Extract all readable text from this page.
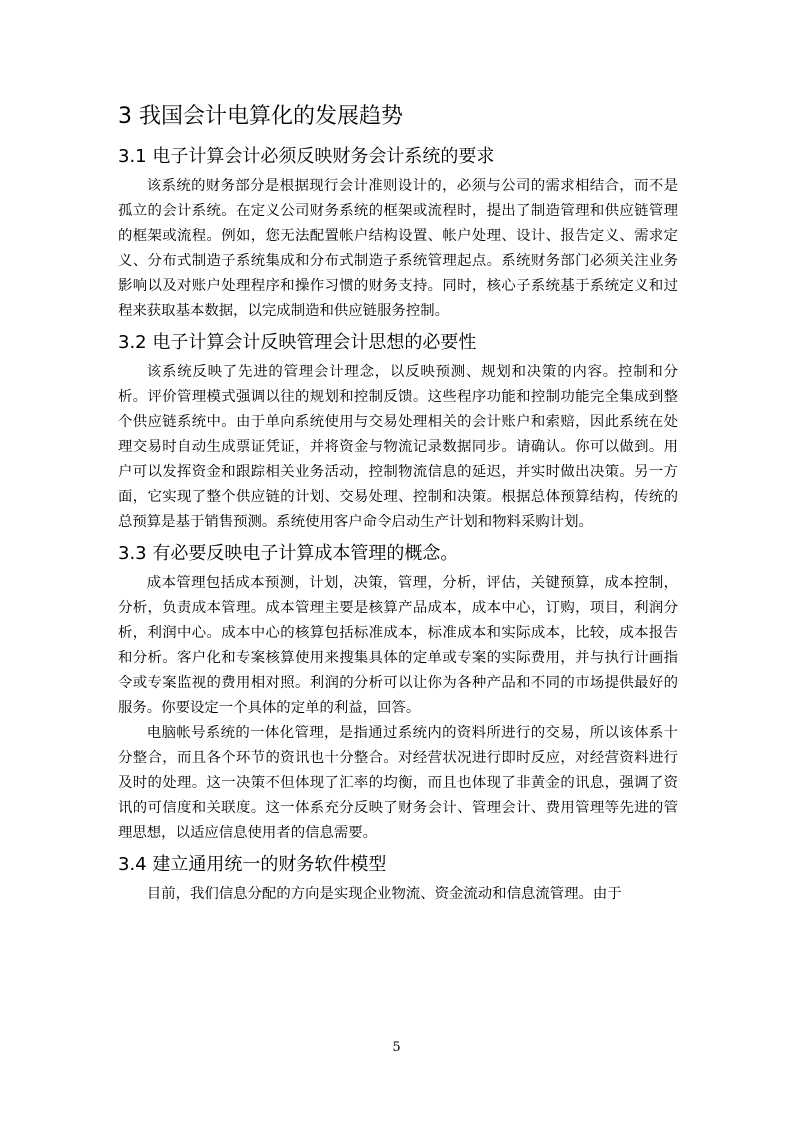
3 我国会计电算化的发展趋势
3.1 电子计算会计必须反映财务会计系统的要求

该系统的财务部分是根据现行会计准则设计的，必须与公司的需求相结合，而不是孤立的会计系统。在定义公司财务系统的框架或流程时，提出了制造管理和供应链管理的框架或流程。例如，您无法配置帐户结构设置、帐户处理、设计、报告定义、需求定义、分布式制造子系统集成和分布式制造子系统管理起点。系统财务部门必须关注业务影响以及对账户处理程序和操作习惯的财务支持。同时，核心子系统基于系统定义和过程来获取基本数据，以完成制造和供应链服务控制。

3.2 电子计算会计反映管理会计思想的必要性

该系统反映了先进的管理会计理念，以反映预测、规划和决策的内容。控制和分析。评价管理模式强调以往的规划和控制反馈。这些程序功能和控制功能完全集成到整个供应链系统中。由于单向系统使用与交易处理相关的会计账户和索赔，因此系统在处理交易时自动生成票证凭证，并将资金与物流记录数据同步。请确认。你可以做到。用户可以发挥资金和跟踪相关业务活动，控制物流信息的延迟，并实时做出决策。另一方面，它实现了整个供应链的计划、交易处理、控制和决策。根据总体预算结构，传统的总预算是基于销售预测。系统使用客户命令启动生产计划和物料采购计划。

3.3 有必要反映电子计算成本管理的概念。

成本管理包括成本预测，计划，决策，管理，分析，评估，关键预算，成本控制，分析，负责成本管理。成本管理主要是核算产品成本，成本中心，订购，项目，利润分析，利润中心。成本中心的核算包括标准成本，标准成本和实际成本，比较，成本报告和分析。客户化和专案核算使用来搜集具体的定单或专案的实际费用，并与执行计画指令或专案监视的费用相对照。利润的分析可以让你为各种产品和不同的市场提供最好的服务。你要设定一个具体的定单的利益，回答。

电脑帐号系统的一体化管理，是指通过系统内的资料所进行的交易，所以该体系十分整合，而且各个环节的资讯也十分整合。对经营状况进行即时反应，对经营资料进行及时的处理。这一决策不但体现了汇率的均衡，而且也体现了非黄金的讯息，强调了资讯的可信度和关联度。这一体系充分反映了财务会计、管理会计、费用管理等先进的管理思想，以适应信息使用者的信息需要。

3.4 建立通用统一的财务软件模型

目前，我们信息分配的方向是实现企业物流、资金流动和信息流管理。由于

5
